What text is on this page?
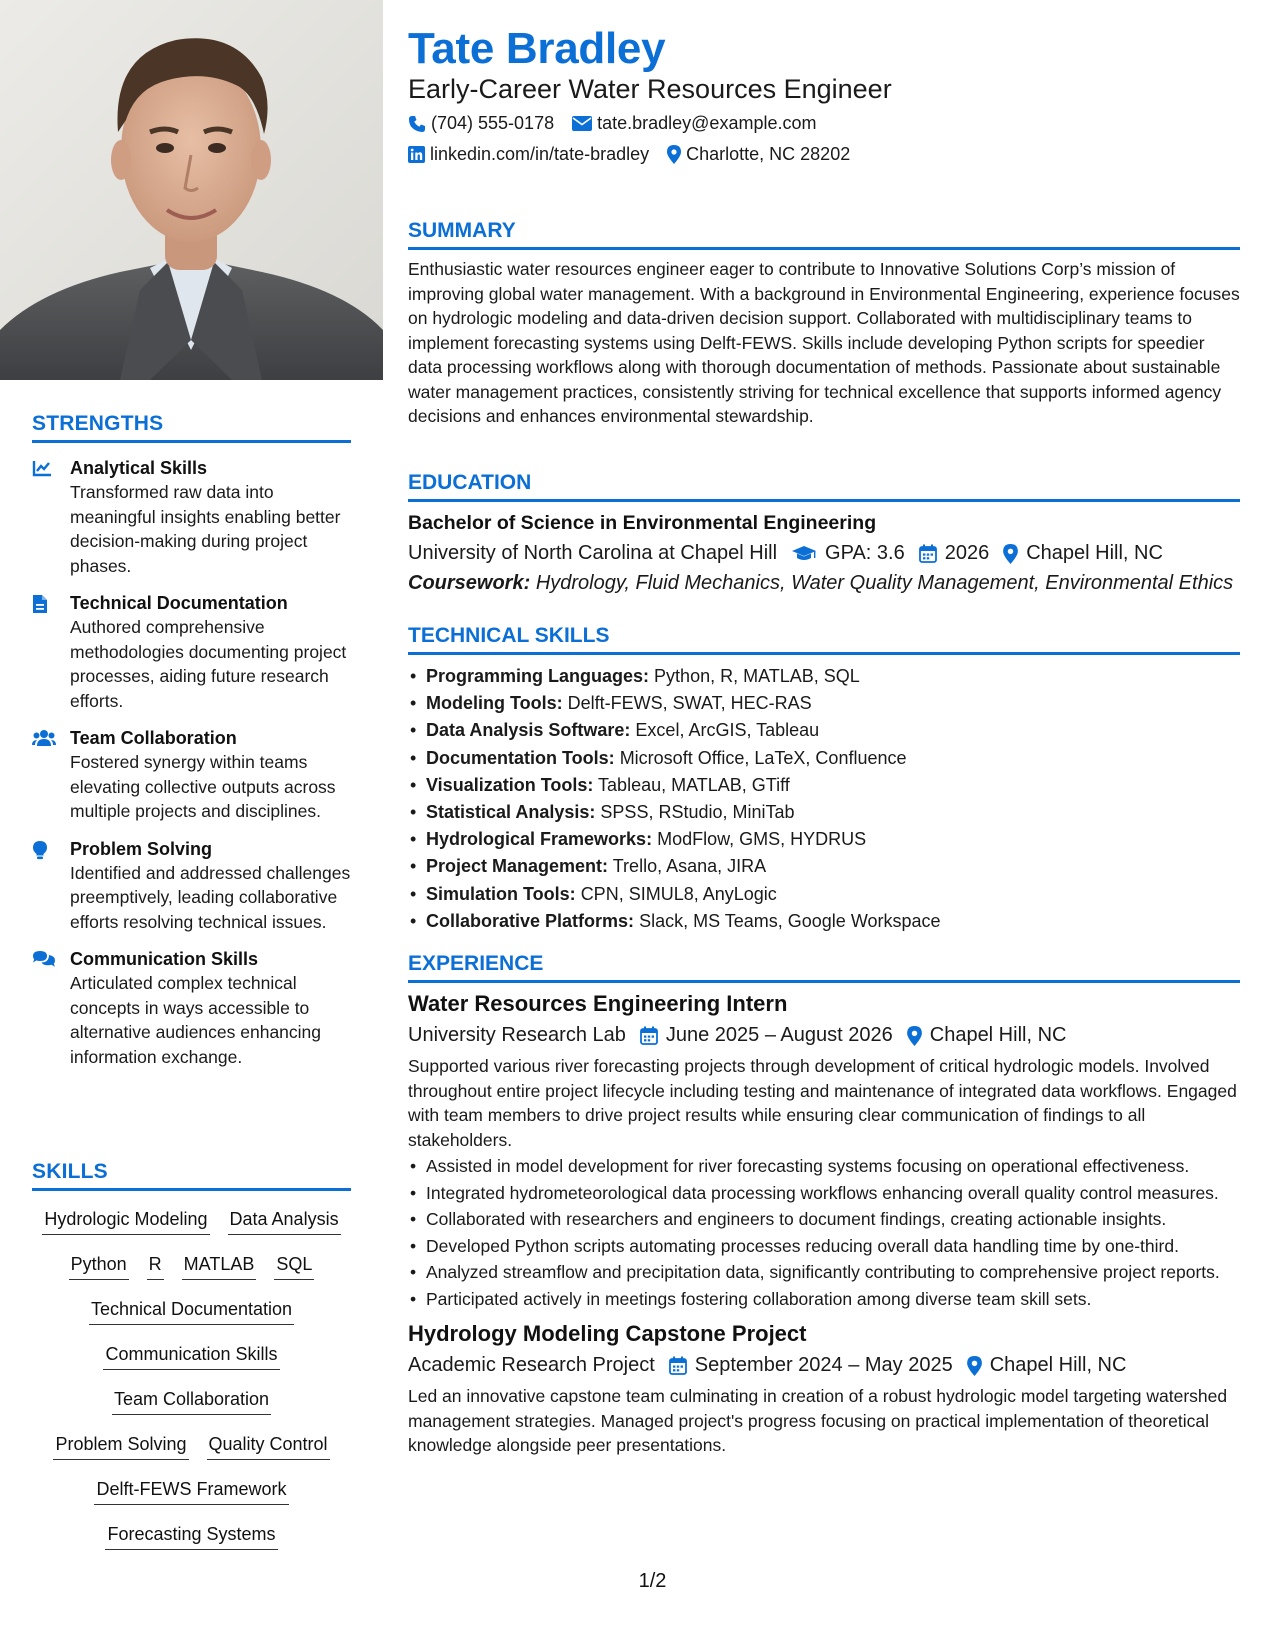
STRENGTHS
Analytical Skills
Transformed raw data into meaningful insights enabling better decision-making during project phases.
Technical Documentation
Authored comprehensive methodologies documenting project processes, aiding future research efforts.
Team Collaboration
Fostered synergy within teams elevating collective outputs across multiple projects and disciplines.
Problem Solving
Identified and addressed challenges preemptively, leading collaborative efforts resolving technical issues.
Communication Skills
Articulated complex technical concepts in ways accessible to alternative audiences enhancing information exchange.
SKILLS
Hydrologic Modeling Data Analysis
Python R MATLAB SQL
Technical Documentation
Communication Skills
Team Collaboration
Problem Solving Quality Control
Delft-FEWS Framework
Forecasting Systems
Tate Bradley
Early-Career Water Resources Engineer
(704) 555-0178 tate.bradley@example.com
linkedin.com/in/tate-bradley Charlotte, NC 28202
SUMMARY

Enthusiastic water resources engineer eager to contribute to Innovative Solutions Corp’s mission of improving global water management. With a background in Environmental Engineering, experience focuses on hydrologic modeling and data-driven decision support. Collaborated with multidisciplinary teams to implement forecasting systems using Delft-FEWS. Skills include developing Python scripts for speedier data processing workflows along with thorough documentation of methods. Passionate about sustainable water management practices, consistently striving for technical excellence that supports informed agency decisions and enhances environmental stewardship.

EDUCATION
Bachelor of Science in Environmental Engineering
University of North Carolina at Chapel Hill GPA: 3.6 2026 Chapel Hill, NC
Coursework: Hydrology, Fluid Mechanics, Water Quality Management, Environmental Ethics
TECHNICAL SKILLS
• Programming Languages: Python, R, MATLAB, SQL
• Modeling Tools: Delft-FEWS, SWAT, HEC-RAS
• Data Analysis Software: Excel, ArcGIS, Tableau
• Documentation Tools: Microsoft Office, LaTeX, Confluence
• Visualization Tools: Tableau, MATLAB, GTiff
• Statistical Analysis: SPSS, RStudio, MiniTab
• Hydrological Frameworks: ModFlow, GMS, HYDRUS
• Project Management: Trello, Asana, JIRA
• Simulation Tools: CPN, SIMUL8, AnyLogic
• Collaborative Platforms: Slack, MS Teams, Google Workspace
EXPERIENCE
Water Resources Engineering Intern
University Research Lab June 2025 – August 2026 Chapel Hill, NC

Supported various river forecasting projects through development of critical hydrologic models. Involved throughout entire project lifecycle including testing and maintenance of integrated data workflows. Engaged with team members to drive project results while ensuring clear communication of findings to all stakeholders.

• Assisted in model development for river forecasting systems focusing on operational effectiveness.
• Integrated hydrometeorological data processing workflows enhancing overall quality control measures.
• Collaborated with researchers and engineers to document findings, creating actionable insights.
• Developed Python scripts automating processes reducing overall data handling time by one-third.
• Analyzed streamflow and precipitation data, significantly contributing to comprehensive project reports.
• Participated actively in meetings fostering collaboration among diverse team skill sets.
Hydrology Modeling Capstone Project
Academic Research Project September 2024 – May 2025 Chapel Hill, NC

Led an innovative capstone team culminating in creation of a robust hydrologic model targeting watershed management strategies. Managed project's progress focusing on practical implementation of theoretical knowledge alongside peer presentations.

1/2
